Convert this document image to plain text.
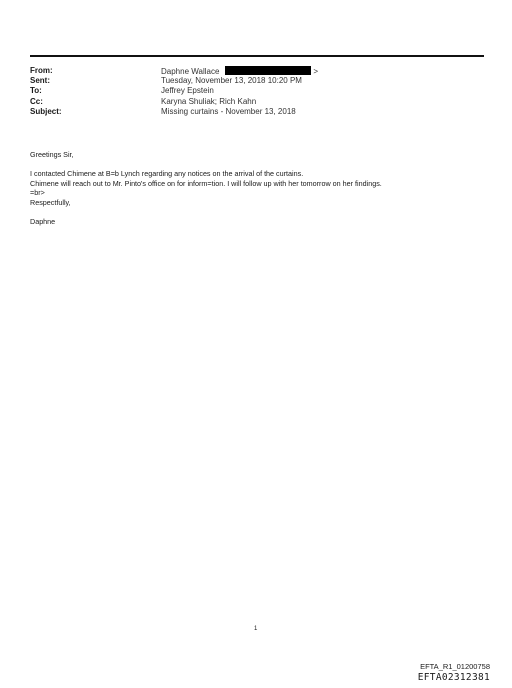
From:	Daphne Wallace	>
Sent:	Tuesday, November 13, 2018 10:20 PM
To:	Jeffrey Epstein
Cc:	Karyna Shuliak; Rich Kahn
Subject:	Missing curtains - November 13, 2018
Greetings Sir,
I contacted Chimene at B=b Lynch regarding any notices on the arrival of the curtains.
Chimene will reach out to Mr. Pinto's office on for inform=tion. I will follow up with her tomorrow on her findings.
=br>
Respectfully,
Daphne
1
EFTA_R1_01200758
EFTA02312381
